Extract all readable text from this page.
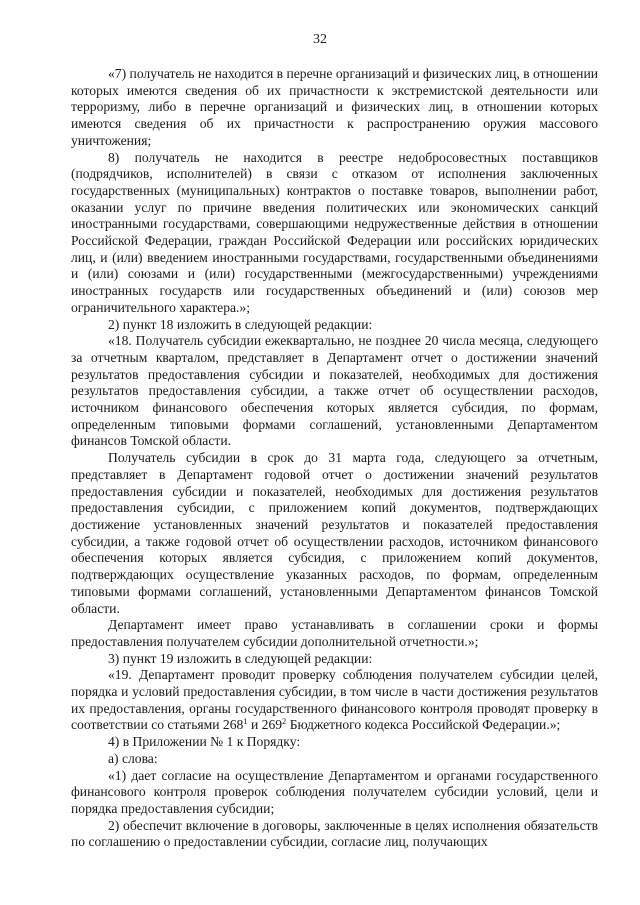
32

«7) получатель не находится в перечне организаций и физических лиц, в отношении которых имеются сведения об их причастности к экстремистской деятельности или терроризму, либо в перечне организаций и физических лиц, в отношении которых имеются сведения об их причастности к распространению оружия массового уничтожения;

8) получатель не находится в реестре недобросовестных поставщиков (подрядчиков, исполнителей) в связи с отказом от исполнения заключенных государственных (муниципальных) контрактов о поставке товаров, выполнении работ, оказании услуг по причине введения политических или экономических санкций иностранными государствами, совершающими недружественные действия в отношении Российской Федерации, граждан Российской Федерации или российских юридических лиц, и (или) введением иностранными государствами, государственными объединениями и (или) союзами и (или) государственными (межгосударственными) учреждениями иностранных государств или государственных объединений и (или) союзов мер ограничительного характера.»;

2) пункт 18 изложить в следующей редакции:

«18. Получатель субсидии ежеквартально, не позднее 20 числа месяца, следующего за отчетным кварталом, представляет в Департамент отчет о достижении значений результатов предоставления субсидии и показателей, необходимых для достижения результатов предоставления субсидии, а также отчет об осуществлении расходов, источником финансового обеспечения которых является субсидия, по формам, определенным типовыми формами соглашений, установленными Департаментом финансов Томской области.

Получатель субсидии в срок до 31 марта года, следующего за отчетным, представляет в Департамент годовой отчет о достижении значений результатов предоставления субсидии и показателей, необходимых для достижения результатов предоставления субсидии, с приложением копий документов, подтверждающих достижение установленных значений результатов и показателей предоставления субсидии, а также годовой отчет об осуществлении расходов, источником финансового обеспечения которых является субсидия, с приложением копий документов, подтверждающих осуществление указанных расходов, по формам, определенным типовыми формами соглашений, установленными Департаментом финансов Томской области.

Департамент имеет право устанавливать в соглашении сроки и формы предоставления получателем субсидии дополнительной отчетности.»;

3) пункт 19 изложить в следующей редакции:

«19. Департамент проводит проверку соблюдения получателем субсидии целей, порядка и условий предоставления субсидии, в том числе в части достижения результатов их предоставления, органы государственного финансового контроля проводят проверку в соответствии со статьями $268^1$ и $269^2$ Бюджетного кодекса Российской Федерации.»;

4) в Приложении № 1 к Порядку:

а) слова:

«1) дает согласие на осуществление Департаментом и органами государственного финансового контроля проверок соблюдения получателем субсидии условий, цели и порядка предоставления субсидии;

2) обеспечит включение в договоры, заключенные в целях исполнения обязательств по соглашению о предоставлении субсидии, согласие лиц, получающих
